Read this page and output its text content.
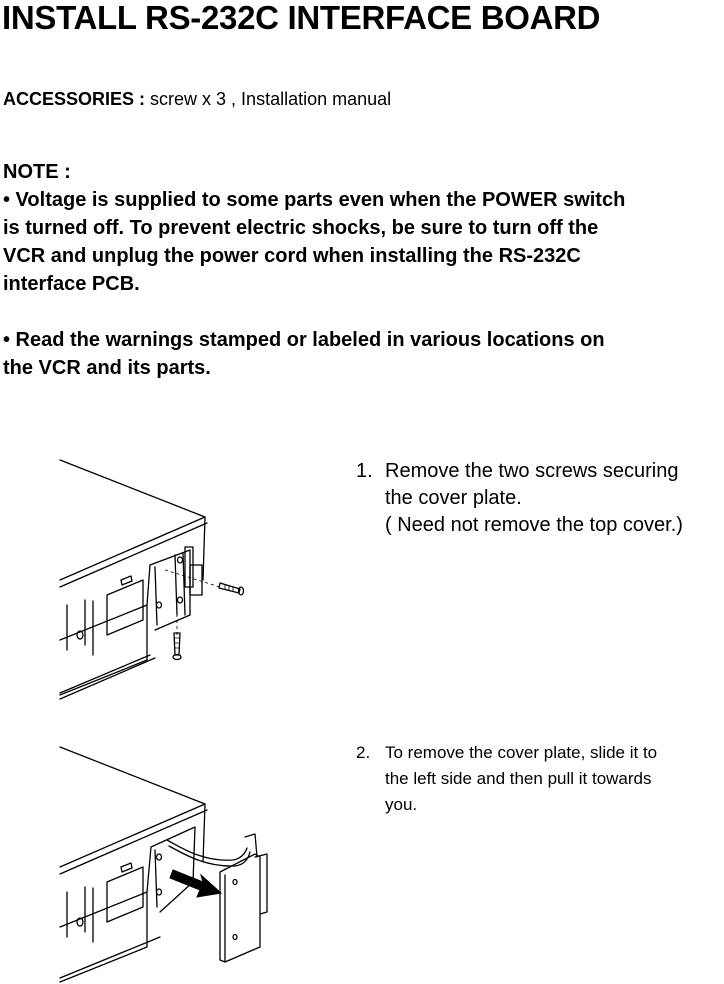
INSTALL RS-232C INTERFACE BOARD
ACCESSORIES : screw x 3 , Installation manual

NOTE :

• Voltage is supplied to some parts even when the POWER switch

is turned off. To prevent electric shocks, be sure to turn off the

VCR and unplug the power cord when installing the RS-232C

interface PCB.

• Read the warnings stamped or labeled in various locations on

the VCR and its parts.

1. Remove the two screws securing
the cover plate.
( Need not remove the top cover.)
2. To remove the cover plate, slide it to
the left side and then pull it towards
you.
